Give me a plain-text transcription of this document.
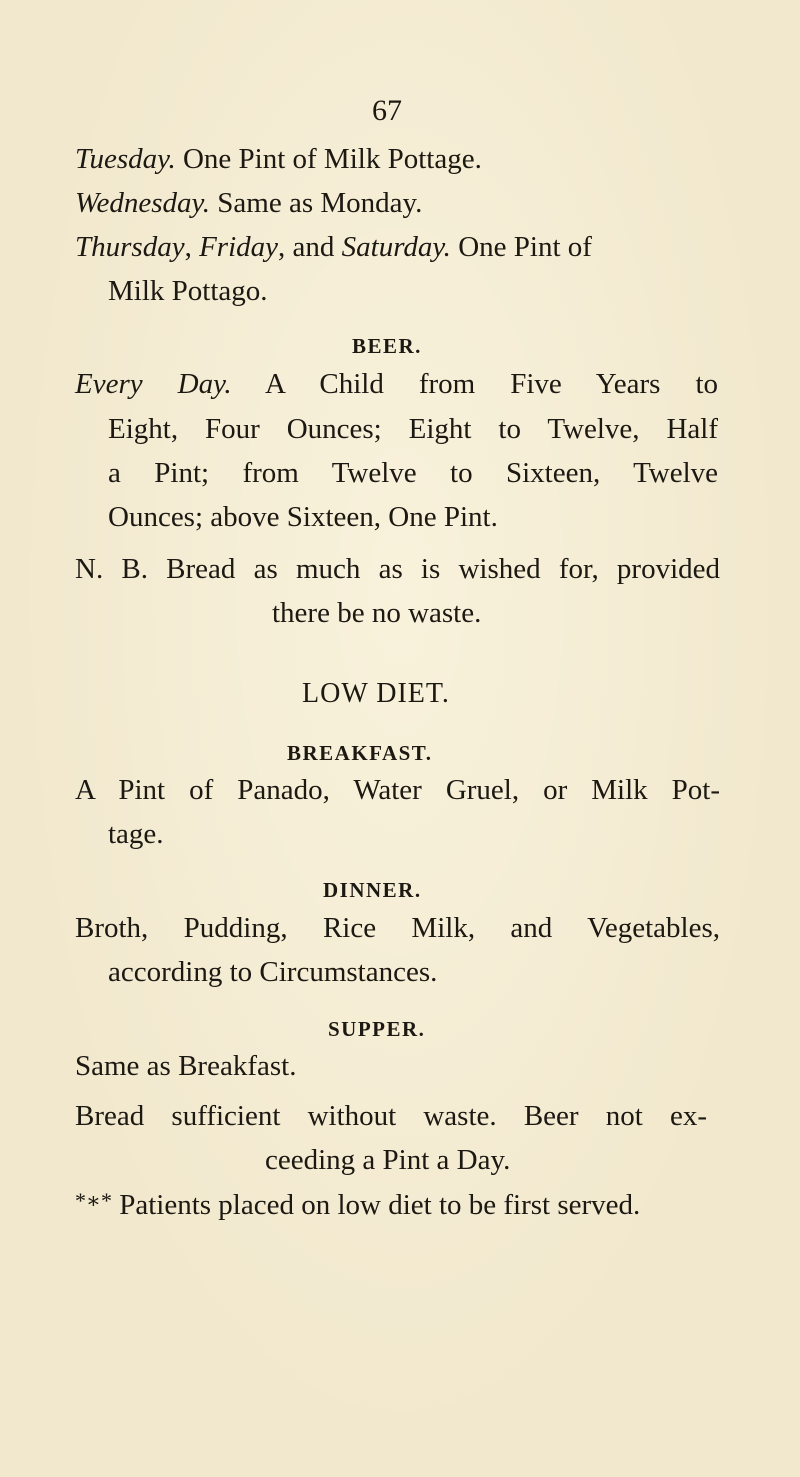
67
Tuesday. One Pint of Milk Pottage.
Wednesday. Same as Monday.
Thursday, Friday, and Saturday. One Pint of
Milk Pottago.
BEER.
Every Day. A Child from Five Years to
Eight, Four Ounces; Eight to Twelve, Half
a Pint; from Twelve to Sixteen, Twelve
Ounces; above Sixteen, One Pint.
N. B. Bread as much as is wished for, provided
there be no waste.
LOW DIET.
BREAKFAST.
A Pint of Panado, Water Gruel, or Milk Pot-
tage.
DINNER.
Broth, Pudding, Rice Milk, and Vegetables,
according to Circumstances.
SUPPER.
Same as Breakfast.
Bread sufficient without waste. Beer not ex-
ceeding a Pint a Day.
*∗* Patients placed on low diet to be first served.
